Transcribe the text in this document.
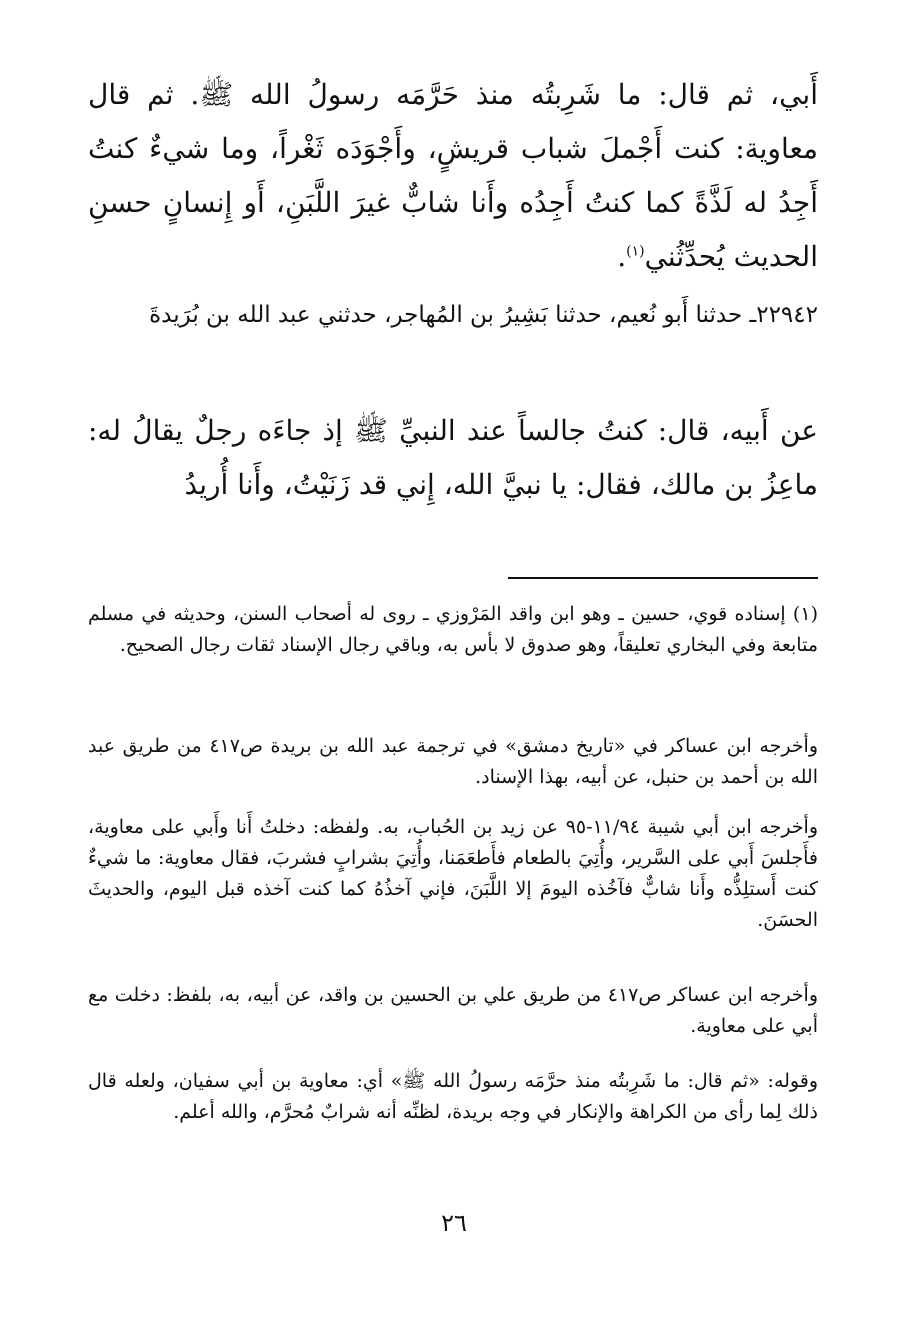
أَبي، ثم قال: ما شَرِبتُه منذ حَرَّمَه رسولُ الله ﷺ. ثم قال معاوية: كنت أَجْملَ شباب قريشٍ، وأَجْوَدَه ثَغْراً، وما شيءٌ كنتُ أَجِدُ له لَذَّةً كما كنتُ أَجِدُه وأَنا شابٌّ غيرَ اللَّبَنِ، أَو إِنسانٍ حسنِ الحديث يُحدِّثُني$^{(١)}$.

٢٢٩٤٢ـ حدثنا أَبو نُعيم، حدثنا بَشِيرُ بن المُهاجر، حدثني عبد الله بن بُرَيدةَ

عن أَبيه، قال: كنتُ جالساً عند النبيِّ ﷺ إذ جاءَه رجلٌ يقالُ له: ماعِزُ بن مالك، فقال: يا نبيَّ الله، إِني قد زَنَيْتُ، وأَنا أُريدُ

(١) إسناده قوي، حسين ـ وهو ابن واقد المَرْوزي ـ روى له أصحاب السنن، وحديثه في مسلم متابعة وفي البخاري تعليقاً، وهو صدوق لا بأس به، وباقي رجال الإسناد ثقات رجال الصحيح.

وأخرجه ابن عساكر في «تاريخ دمشق» في ترجمة عبد الله بن بريدة ص٤١٧ من طريق عبد الله بن أحمد بن حنبل، عن أبيه، بهذا الإسناد.

وأخرجه ابن أبي شيبة ١١/٩٤-٩٥ عن زيد بن الحُباب، به. ولفظه: دخلتُ أَنا وأَبي على معاوية، فأَجلسَ أَبي على السَّرير، وأُتِيَ بالطعام فأَطعَمَنا، وأُتِيَ بشرابٍ فشربَ، فقال معاوية: ما شيءٌ كنت أَستلِذُّه وأَنا شابٌّ فآخُذه اليومَ إلا اللَّبَنَ، فإني آخذُهُ كما كنت آخذه قبل اليوم، والحديثَ الحسَنَ.

وأخرجه ابن عساكر ص٤١٧ من طريق علي بن الحسين بن واقد، عن أبيه، به، بلفظ: دخلت مع أبي على معاوية.

وقوله: «ثم قال: ما شَرِبتُه منذ حرَّمَه رسولُ الله ﷺ» أي: معاوية بن أبي سفيان، ولعله قال ذلك لِما رأى من الكراهة والإنكار في وجه بريدة، لظنِّه أنه شرابٌ مُحرَّم، والله أعلم.

٢٦
